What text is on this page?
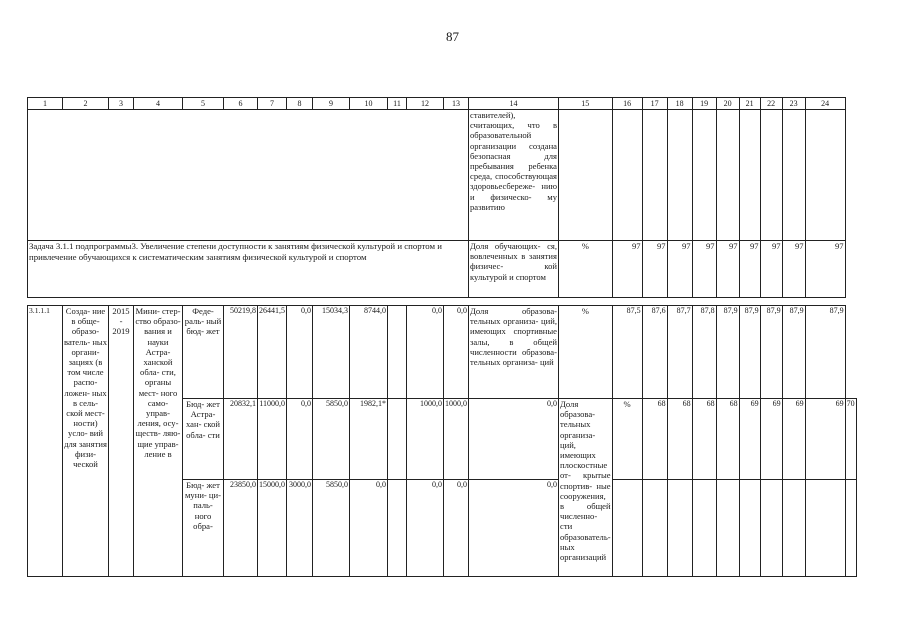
87
1	2	3	4	5	6	7	8	9	10	11	12	13	14	15	16	17	18	19	20	21	22	23	24	
													ставителей), считающих, что в образовательной организации создана безопасная для пребывания ребенка среда, способствующая здоровьесбереже- нию и физическо- му развитию											
Задача 3.1.1 подпрограммы3. Увеличение степени доступности к занятиям физической культурой и спортом и привлечение обучающихся к систематическим занятиям физической культурой и спортом													Доля обучающих- ся, вовлеченных в занятия физичес- кой культурой и спортом	%	97	97	97	97	97	97	97	97	97	

3.1.1.1	Созда- ние в обще- образо- ватель- ных органи- зациях (в том числе распо- ложен- ных в сель- ской мест- ности) усло- вий для занятия физи- ческой	2015 - 2019	Мини- стер- ство образо- вания и науки Астра- ханской обла- сти, органы мест- ного само- управ- ления, осу- ществ- ляю- щие управ- ление в	Феде- раль- ный бюд- жет	50219,8	26441,5	0,0	15034,3	8744,0		0,0	0,0	Доля образова- тельных организа- ций, имеющих спортивные залы, в общей численности образова- тельных организа- ций	%	87,5	87,6	87,7	87,8	87,9	87,9	87,9	87,9	87,9	
				Бюд- жет Астра- хан- ской обла- сти	20832,1	11000,0	0,0	5850,0	1982,1*		1000,0	1000,0	0,0	Доля образова- тельных организа- ций, имеющих плоскостные от- крытые спортив- ные сооружения, в общей численно- сти образователь- ных организаций	%	68	68	68	68	69	69	69	69	70
				Бюд- жет муни- ци- паль- ного обра-	23850,0	15000,0	3000,0	5850,0	0,0		0,0	0,0	0,0											
